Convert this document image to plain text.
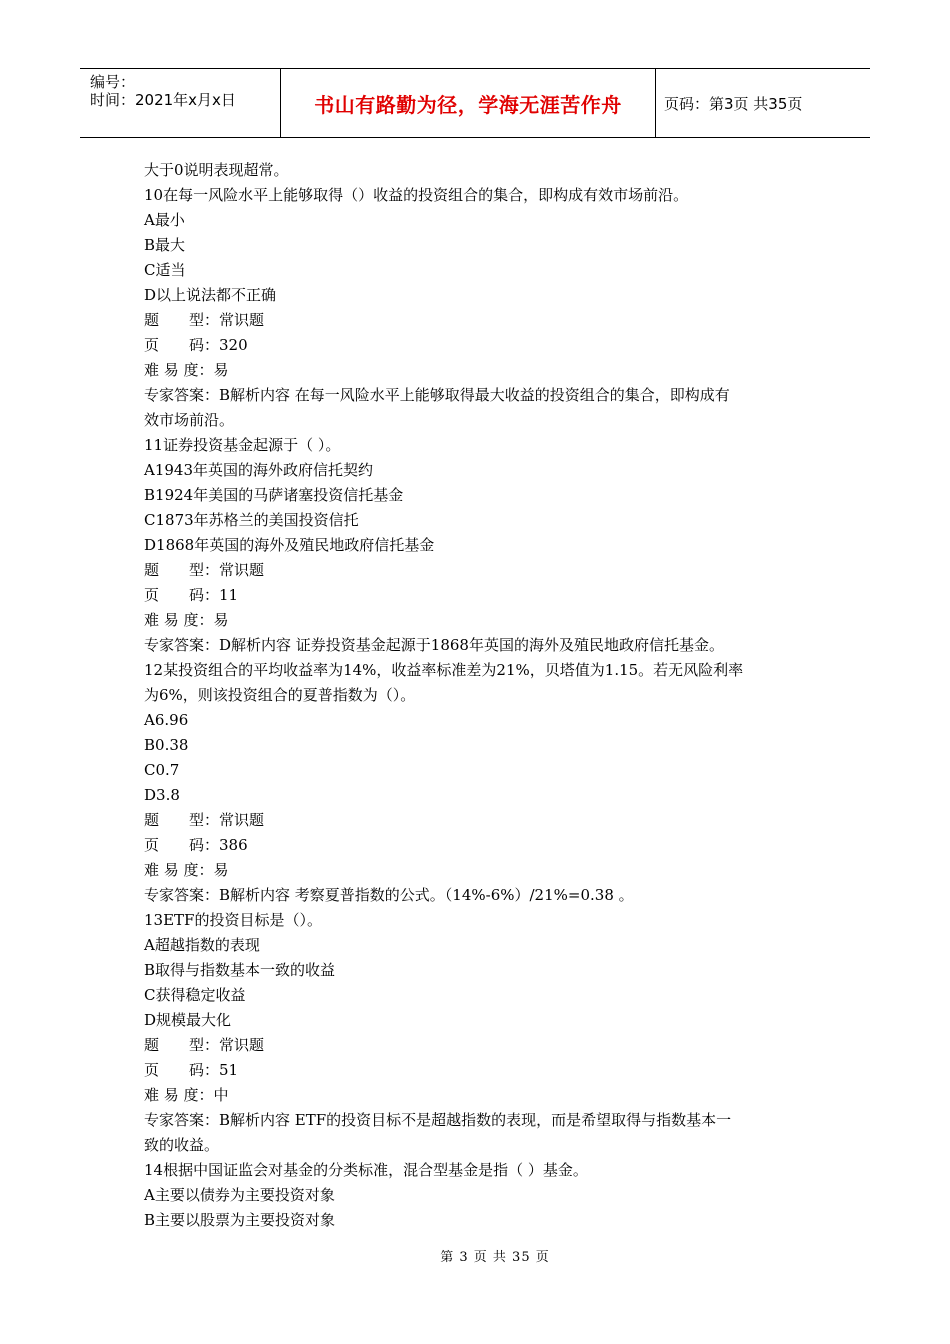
编号：
时间：2021年x月x日	书山有路勤为径，学海无涯苦作舟	页码：第3页 共35页
大于0说明表现超常。
10在每一风险水平上能够取得（）收益的投资组合的集合，即构成有效市场前沿。
A最小
B最大
C适当
D以上说法都不正确
题　　型：常识题
页　　码：320
难 易 度：易
专家答案：B解析内容 在每一风险水平上能够取得最大收益的投资组合的集合，即构成有
效市场前沿。
11证券投资基金起源于（ ）。
A1943年英国的海外政府信托契约
B1924年美国的马萨诸塞投资信托基金
C1873年苏格兰的美国投资信托
D1868年英国的海外及殖民地政府信托基金
题　　型：常识题
页　　码：11
难 易 度：易
专家答案：D解析内容 证券投资基金起源于1868年英国的海外及殖民地政府信托基金。
12某投资组合的平均收益率为14%，收益率标准差为21%，贝塔值为1.15。若无风险利率
为6%，则该投资组合的夏普指数为（）。
A6.96
B0.38
C0.7
D3.8
题　　型：常识题
页　　码：386
难 易 度：易
专家答案：B解析内容 考察夏普指数的公式。（14%-6%）/21%=0.38 。
13ETF的投资目标是（）。
A超越指数的表现
B取得与指数基本一致的收益
C获得稳定收益
D规模最大化
题　　型：常识题
页　　码：51
难 易 度：中
专家答案：B解析内容 ETF的投资目标不是超越指数的表现，而是希望取得与指数基本一
致的收益。
14根据中国证监会对基金的分类标准，混合型基金是指（ ）基金。
A主要以债券为主要投资对象
B主要以股票为主要投资对象
第 3 页 共 35 页
